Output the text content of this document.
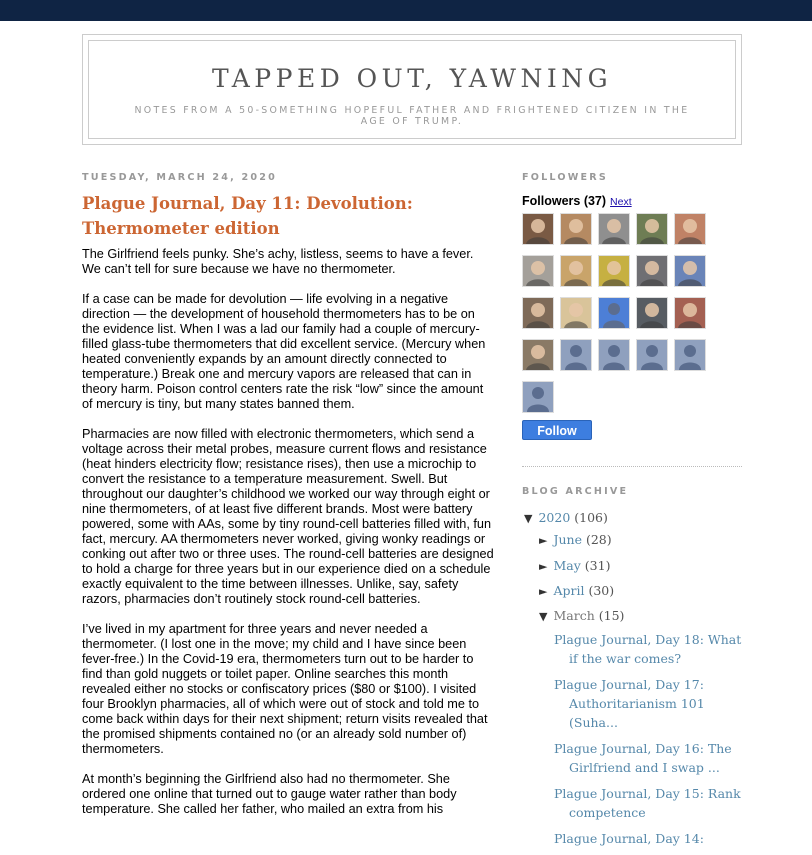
TAPPED OUT, YAWNING
NOTES FROM A 50-SOMETHING HOPEFUL FATHER AND FRIGHTENED CITIZEN IN THE AGE OF TRUMP.
TUESDAY, MARCH 24, 2020
Plague Journal, Day 11: Devolution: Thermometer edition

The Girlfriend feels punky. She’s achy, listless, seems to have a fever. We can’t tell for sure because we have no thermometer.

If a case can be made for devolution — life evolving in a negative direction — the development of household thermometers has to be on the evidence list. When I was a lad our family had a couple of mercury-filled glass-tube thermometers that did excellent service. (Mercury when heated conveniently expands by an amount directly connected to temperature.) Break one and mercury vapors are released that can in theory harm. Poison control centers rate the risk “low” since the amount of mercury is tiny, but many states banned them.

Pharmacies are now filled with electronic thermometers, which send a voltage across their metal probes, measure current flows and resistance (heat hinders electricity flow; resistance rises), then use a microchip to convert the resistance to a temperature measurement. Swell. But throughout our daughter’s childhood we worked our way through eight or nine thermometers, of at least five different brands. Most were battery powered, some with AAs, some by tiny round-cell batteries filled with, fun fact, mercury. AA thermometers never worked, giving wonky readings or conking out after two or three uses. The round-cell batteries are designed to hold a charge for three years but in our experience died on a schedule exactly equivalent to the time between illnesses. Unlike, say, safety razors, pharmacies don’t routinely stock round-cell batteries.

I’ve lived in my apartment for three years and never needed a thermometer. (I lost one in the move; my child and I have since been fever-free.) In the Covid-19 era, thermometers turn out to be harder to find than gold nuggets or toilet paper. Online searches this month revealed either no stocks or confiscatory prices ($80 or $100). I visited four Brooklyn pharmacies, all of which were out of stock and told me to come back within days for their next shipment; return visits revealed that the promised shipments contained no (or an already sold number of) thermometers.

At month’s beginning the Girlfriend also had no thermometer. She ordered one online that turned out to gauge water rather than body temperature. She called her father, who mailed an extra from his

FOLLOWERS
Followers (37) Next
Follow
BLOG ARCHIVE
▼ 2020 (106)
► June (28)
► May (31)
► April (30)
▼ March (15)
Plague Journal, Day 18: What if the war comes?
Plague Journal, Day 17: Authoritarianism 101 (Suha...
Plague Journal, Day 16: The Girlfriend and I swap ...
Plague Journal, Day 15: Rank competence
Plague Journal, Day 14:
